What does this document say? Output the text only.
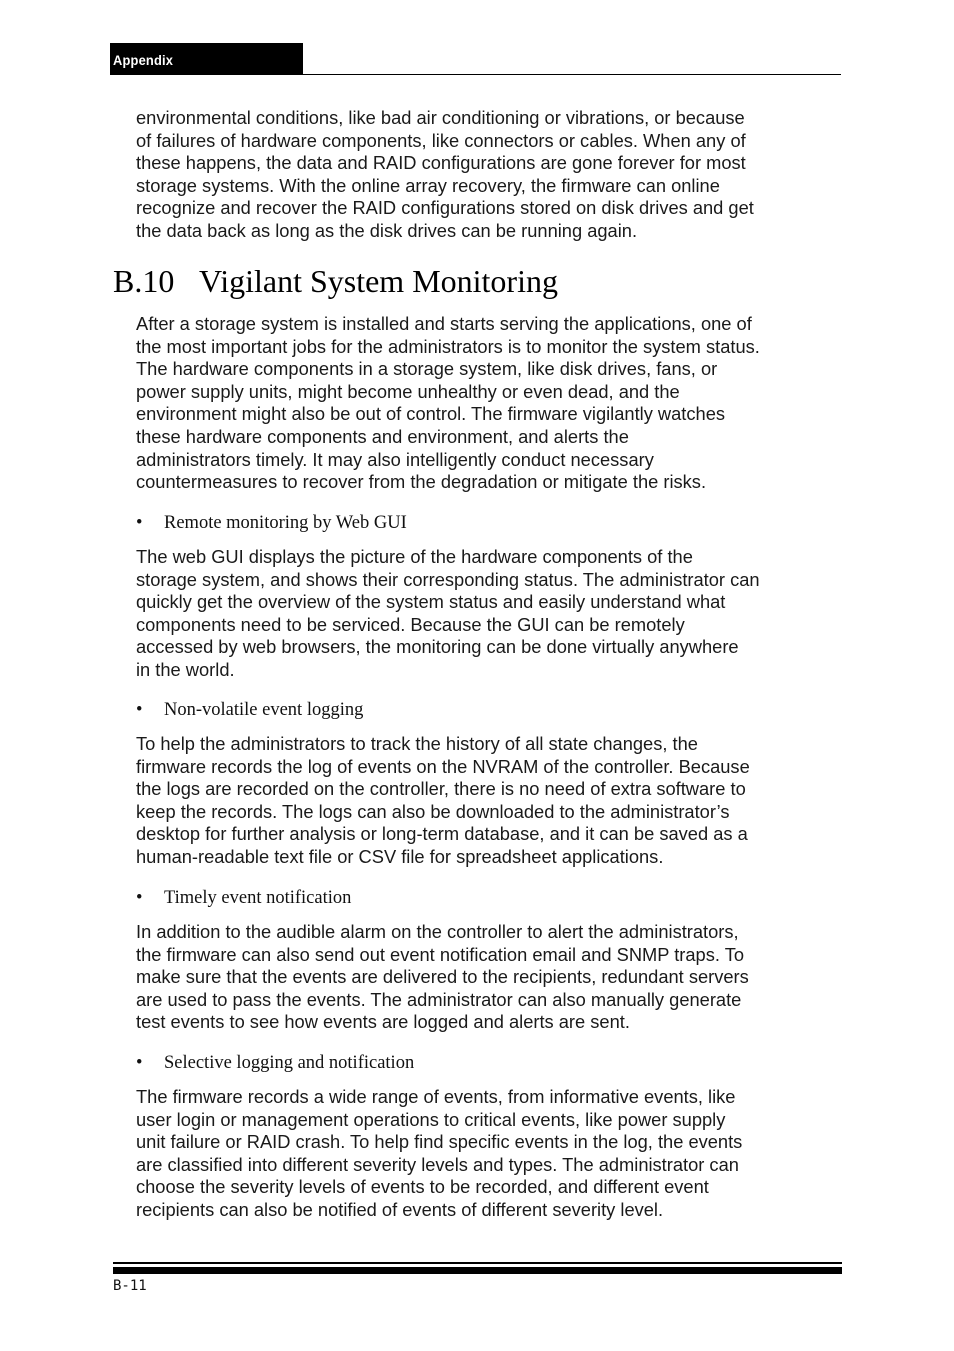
Appendix

environmental conditions, like bad air conditioning or vibrations, or because
of failures of hardware components, like connectors or cables. When any of
these happens, the data and RAID configurations are gone forever for most
storage systems. With the online array recovery, the firmware can online
recognize and recover the RAID configurations stored on disk drives and get
the data back as long as the disk drives can be running again.

B.10 Vigilant System Monitoring

After a storage system is installed and starts serving the applications, one of
the most important jobs for the administrators is to monitor the system status.
The hardware components in a storage system, like disk drives, fans, or
power supply units, might become unhealthy or even dead, and the
environment might also be out of control. The firmware vigilantly watches
these hardware components and environment, and alerts the
administrators timely. It may also intelligently conduct necessary
countermeasures to recover from the degradation or mitigate the risks.

• Remote monitoring by Web GUI

The web GUI displays the picture of the hardware components of the
storage system, and shows their corresponding status. The administrator can
quickly get the overview of the system status and easily understand what
components need to be serviced. Because the GUI can be remotely
accessed by web browsers, the monitoring can be done virtually anywhere
in the world.

• Non-volatile event logging

To help the administrators to track the history of all state changes, the
firmware records the log of events on the NVRAM of the controller. Because
the logs are recorded on the controller, there is no need of extra software to
keep the records. The logs can also be downloaded to the administrator’s
desktop for further analysis or long-term database, and it can be saved as a
human-readable text file or CSV file for spreadsheet applications.

• Timely event notification

In addition to the audible alarm on the controller to alert the administrators,
the firmware can also send out event notification email and SNMP traps. To
make sure that the events are delivered to the recipients, redundant servers
are used to pass the events. The administrator can also manually generate
test events to see how events are logged and alerts are sent.

• Selective logging and notification

The firmware records a wide range of events, from informative events, like
user login or management operations to critical events, like power supply
unit failure or RAID crash. To help find specific events in the log, the events
are classified into different severity levels and types. The administrator can
choose the severity levels of events to be recorded, and different event
recipients can also be notified of events of different severity level.

B-11
